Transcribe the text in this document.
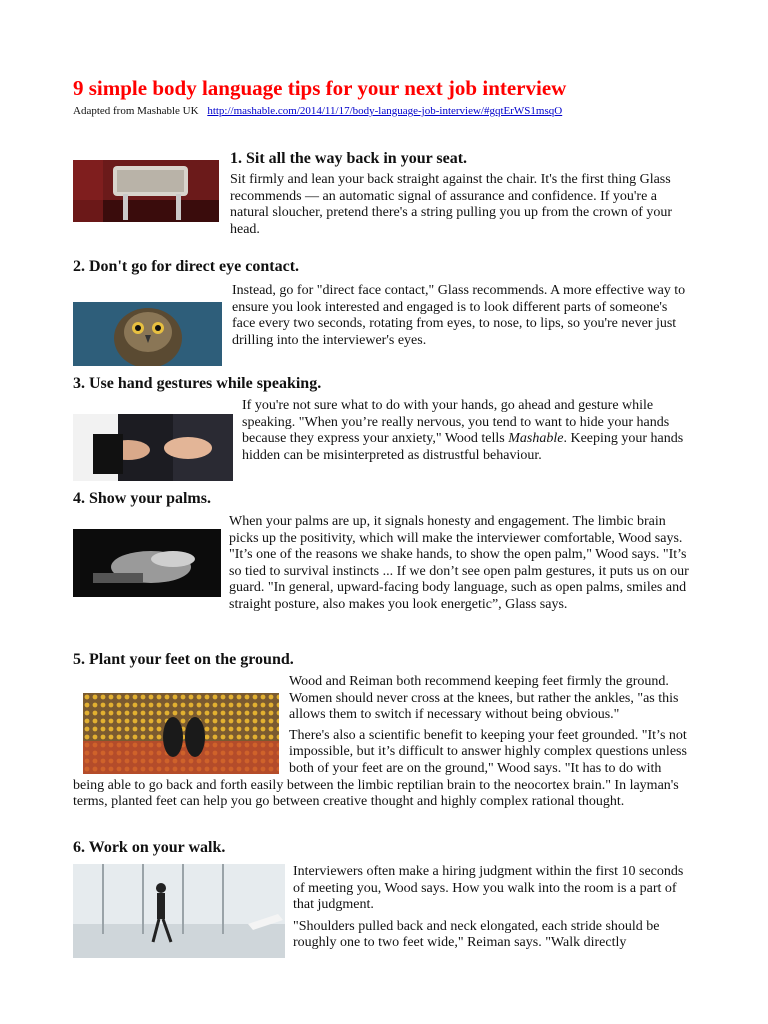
9 simple body language tips for your next job interview
Adapted from Mashable UK http://mashable.com/2014/11/17/body-language-job-interview/#gqtErWS1msqO
1. Sit all the way back in your seat.

Sit firmly and lean your back straight against the chair. It's the first thing Glass recommends — an automatic signal of assurance and confidence. If you're a natural sloucher, pretend there's a string pulling you up from the crown of your head.

2. Don't go for direct eye contact.

Instead, go for "direct face contact," Glass recommends. A more effective way to ensure you look interested and engaged is to look different parts of someone's face every two seconds, rotating from eyes, to nose, to lips, so you're never just drilling into the interviewer's eyes.

3. Use hand gestures while speaking.

If you're not sure what to do with your hands, go ahead and gesture while speaking. "When you’re really nervous, you tend to want to hide your hands because they express your anxiety," Wood tells Mashable. Keeping your hands hidden can be misinterpreted as distrustful behaviour.

4. Show your palms.

When your palms are up, it signals honesty and engagement. The limbic brain picks up the positivity, which will make the interviewer comfortable, Wood says. "It’s one of the reasons we shake hands, to show the open palm," Wood says. "It’s so tied to survival instincts ... If we don’t see open palm gestures, it puts us on our guard. "In general, upward-facing body language, such as open palms, smiles and straight posture, also makes you look energetic”, Glass says.

5. Plant your feet on the ground.

Wood and Reiman both recommend keeping feet firmly the ground. Women should never cross at the knees, but rather the ankles, "as this allows them to switch if necessary without being obvious."

There's also a scientific benefit to keeping your feet grounded. "It’s not impossible, but it’s difficult to answer highly complex questions unless both of your feet are on the ground," Wood says. "It has to do with being able to go back and forth easily between the limbic reptilian brain to the neocortex brain." In layman's terms, planted feet can help you go between creative thought and highly complex rational thought.

6. Work on your walk.

Interviewers often make a hiring judgment within the first 10 seconds of meeting you, Wood says. How you walk into the room is a part of that judgment.

"Shoulders pulled back and neck elongated, each stride should be roughly one to two feet wide," Reiman says. "Walk directly
